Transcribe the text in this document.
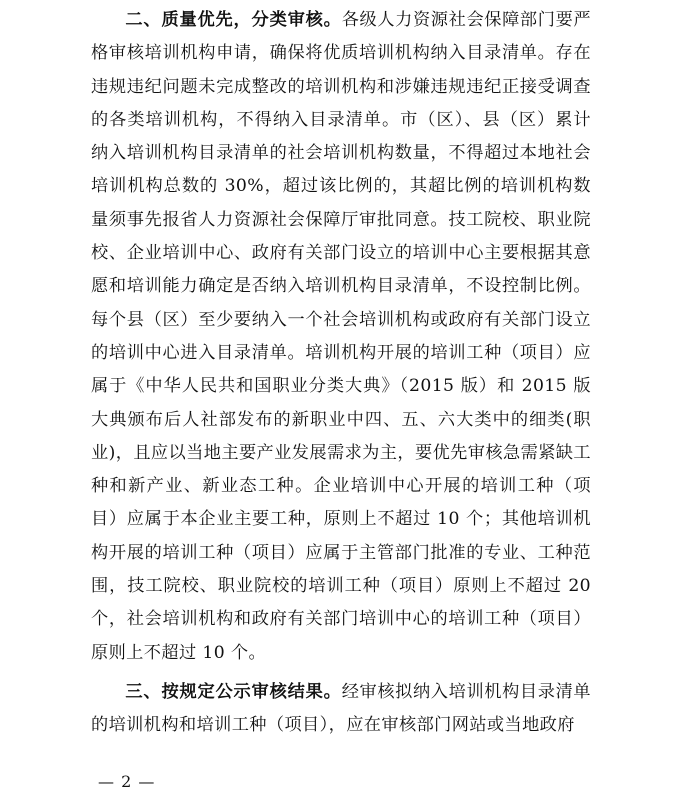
二、质量优先，分类审核。各级人力资源社会保障部门要严格审核培训机构申请，确保将优质培训机构纳入目录清单。存在违规违纪问题未完成整改的培训机构和涉嫌违规违纪正接受调查的各类培训机构，不得纳入目录清单。市（区）、县（区）累计纳入培训机构目录清单的社会培训机构数量，不得超过本地社会培训机构总数的 30%，超过该比例的，其超比例的培训机构数量须事先报省人力资源社会保障厅审批同意。技工院校、职业院校、企业培训中心、政府有关部门设立的培训中心主要根据其意愿和培训能力确定是否纳入培训机构目录清单，不设控制比例。每个县（区）至少要纳入一个社会培训机构或政府有关部门设立的培训中心进入目录清单。培训机构开展的培训工种（项目）应属于《中华人民共和国职业分类大典》（2015 版）和 2015 版大典颁布后人社部发布的新职业中四、五、六大类中的细类(职业)，且应以当地主要产业发展需求为主，要优先审核急需紧缺工种和新产业、新业态工种。企业培训中心开展的培训工种（项目）应属于本企业主要工种，原则上不超过 10 个；其他培训机构开展的培训工种（项目）应属于主管部门批准的专业、工种范围，技工院校、职业院校的培训工种（项目）原则上不超过 20 个，社会培训机构和政府有关部门培训中心的培训工种（项目）原则上不超过 10 个。

三、按规定公示审核结果。经审核拟纳入培训机构目录清单的培训机构和培训工种（项目），应在审核部门网站或当地政府

— 2 —
